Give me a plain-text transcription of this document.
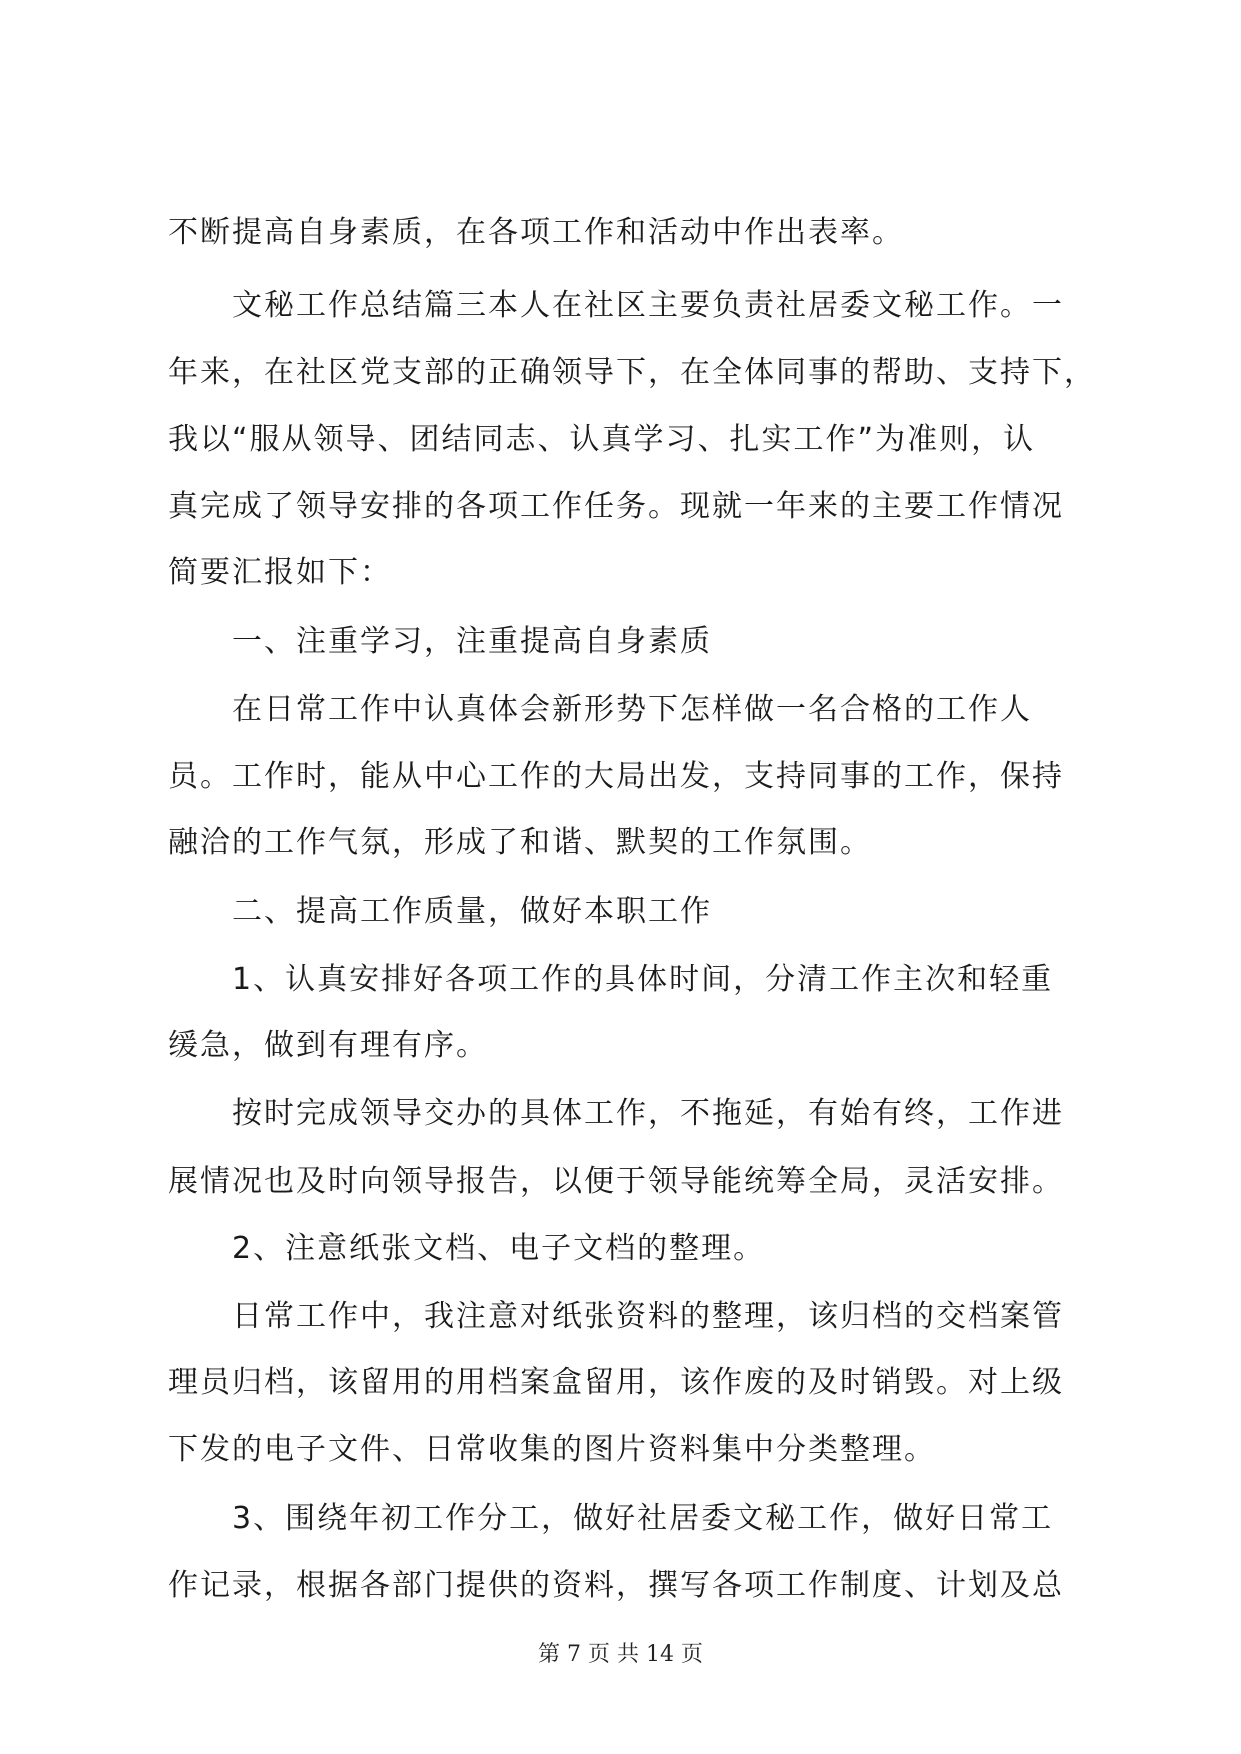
不断提高自身素质，在各项工作和活动中作出表率。
文秘工作总结篇三本人在社区主要负责社居委文秘工作。一
年来，在社区党支部的正确领导下，在全体同事的帮助、支持下，
我以“服从领导、团结同志、认真学习、扎实工作”为准则，认
真完成了领导安排的各项工作任务。现就一年来的主要工作情况
简要汇报如下：
一、注重学习，注重提高自身素质
在日常工作中认真体会新形势下怎样做一名合格的工作人
员。工作时，能从中心工作的大局出发，支持同事的工作，保持
融洽的工作气氛，形成了和谐、默契的工作氛围。
二、提高工作质量，做好本职工作
1、认真安排好各项工作的具体时间，分清工作主次和轻重
缓急，做到有理有序。
按时完成领导交办的具体工作，不拖延，有始有终，工作进
展情况也及时向领导报告，以便于领导能统筹全局，灵活安排。
2、注意纸张文档、电子文档的整理。
日常工作中，我注意对纸张资料的整理，该归档的交档案管
理员归档，该留用的用档案盒留用，该作废的及时销毁。对上级
下发的电子文件、日常收集的图片资料集中分类整理。
3、围绕年初工作分工，做好社居委文秘工作，做好日常工
作记录，根据各部门提供的资料，撰写各项工作制度、计划及总
第 7 页 共 14 页
